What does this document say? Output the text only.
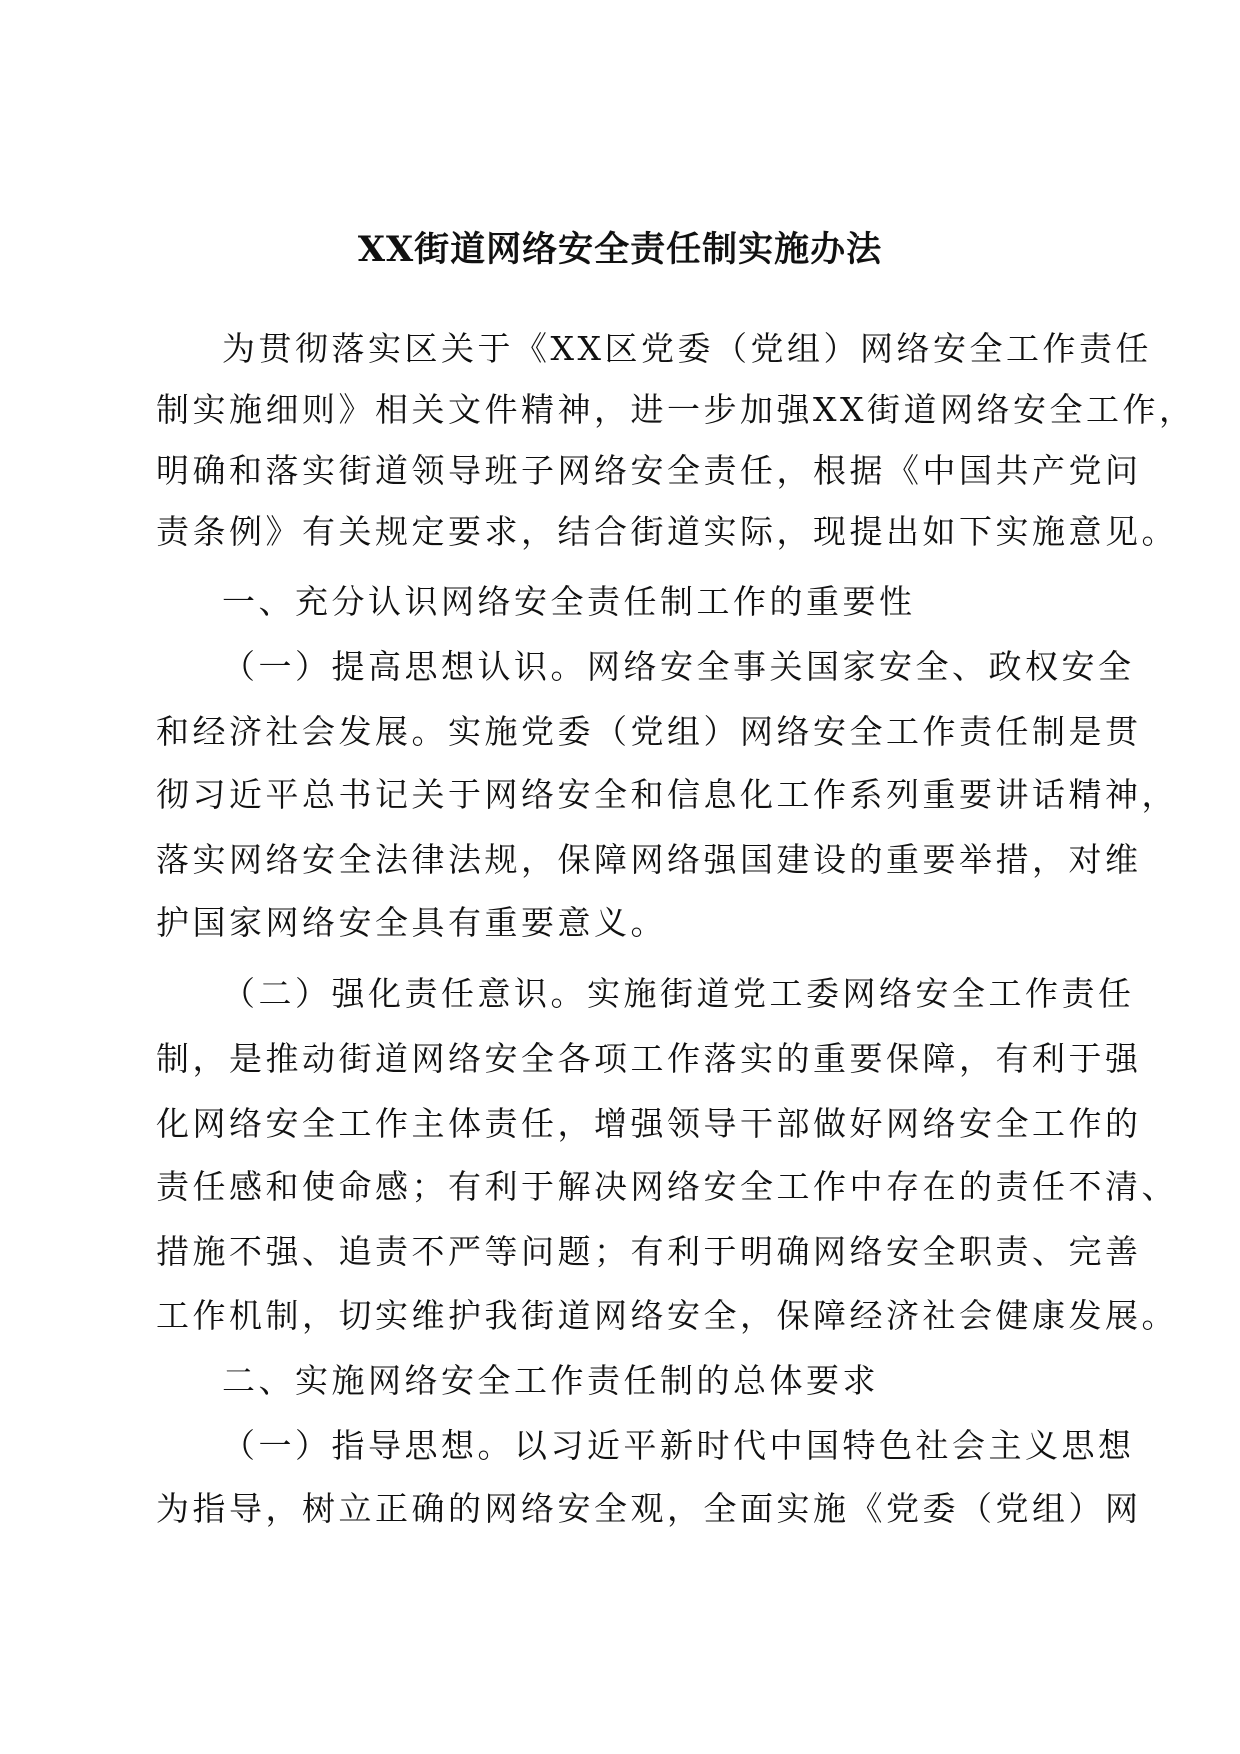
XX街道网络安全责任制实施办法
为贯彻落实区关于《XX区党委（党组）网络安全工作责任
制实施细则》相关文件精神，进一步加强XX街道网络安全工作，
明确和落实街道领导班子网络安全责任，根据《中国共产党问
责条例》有关规定要求，结合街道实际，现提出如下实施意见。
一、充分认识网络安全责任制工作的重要性
（一）提高思想认识。网络安全事关国家安全、政权安全
和经济社会发展。实施党委（党组）网络安全工作责任制是贯
彻习近平总书记关于网络安全和信息化工作系列重要讲话精神，
落实网络安全法律法规，保障网络强国建设的重要举措，对维
护国家网络安全具有重要意义。
（二）强化责任意识。实施街道党工委网络安全工作责任
制，是推动街道网络安全各项工作落实的重要保障，有利于强
化网络安全工作主体责任，增强领导干部做好网络安全工作的
责任感和使命感；有利于解决网络安全工作中存在的责任不清、
措施不强、追责不严等问题；有利于明确网络安全职责、完善
工作机制，切实维护我街道网络安全，保障经济社会健康发展。
二、实施网络安全工作责任制的总体要求
（一）指导思想。以习近平新时代中国特色社会主义思想
为指导，树立正确的网络安全观，全面实施《党委（党组）网
